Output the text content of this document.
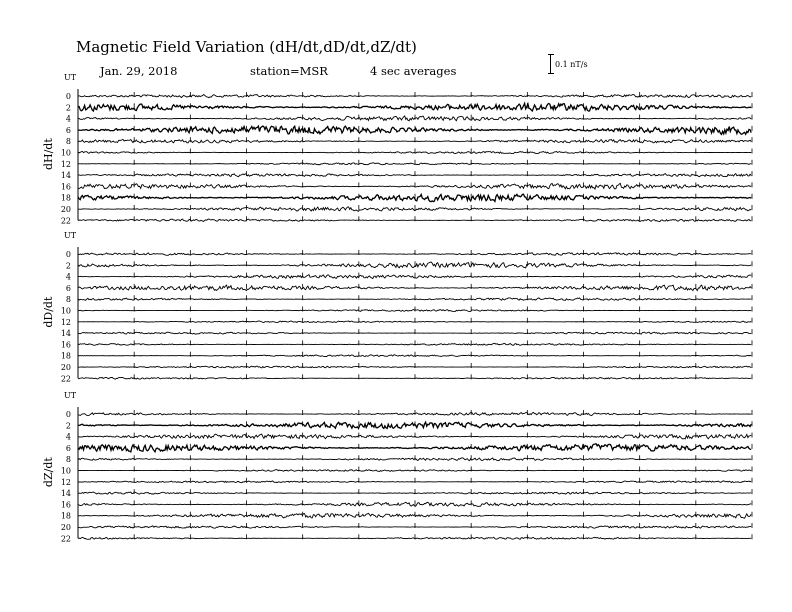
Magnetic Field Variation (dH/dt,dD/dt,dZ/dt)
Jan. 29, 2018	station=MSR	4 sec averages	0.1 nT/s
UT
dH/dt
0
2
4
6
8
10
12
14
16
18
20
22
UT
dD/dt
0
2
4
6
8
10
12
14
16
18
20
22
UT
dZ/dt
0
2
4
6
8
10
12
14
16
18
20
22
